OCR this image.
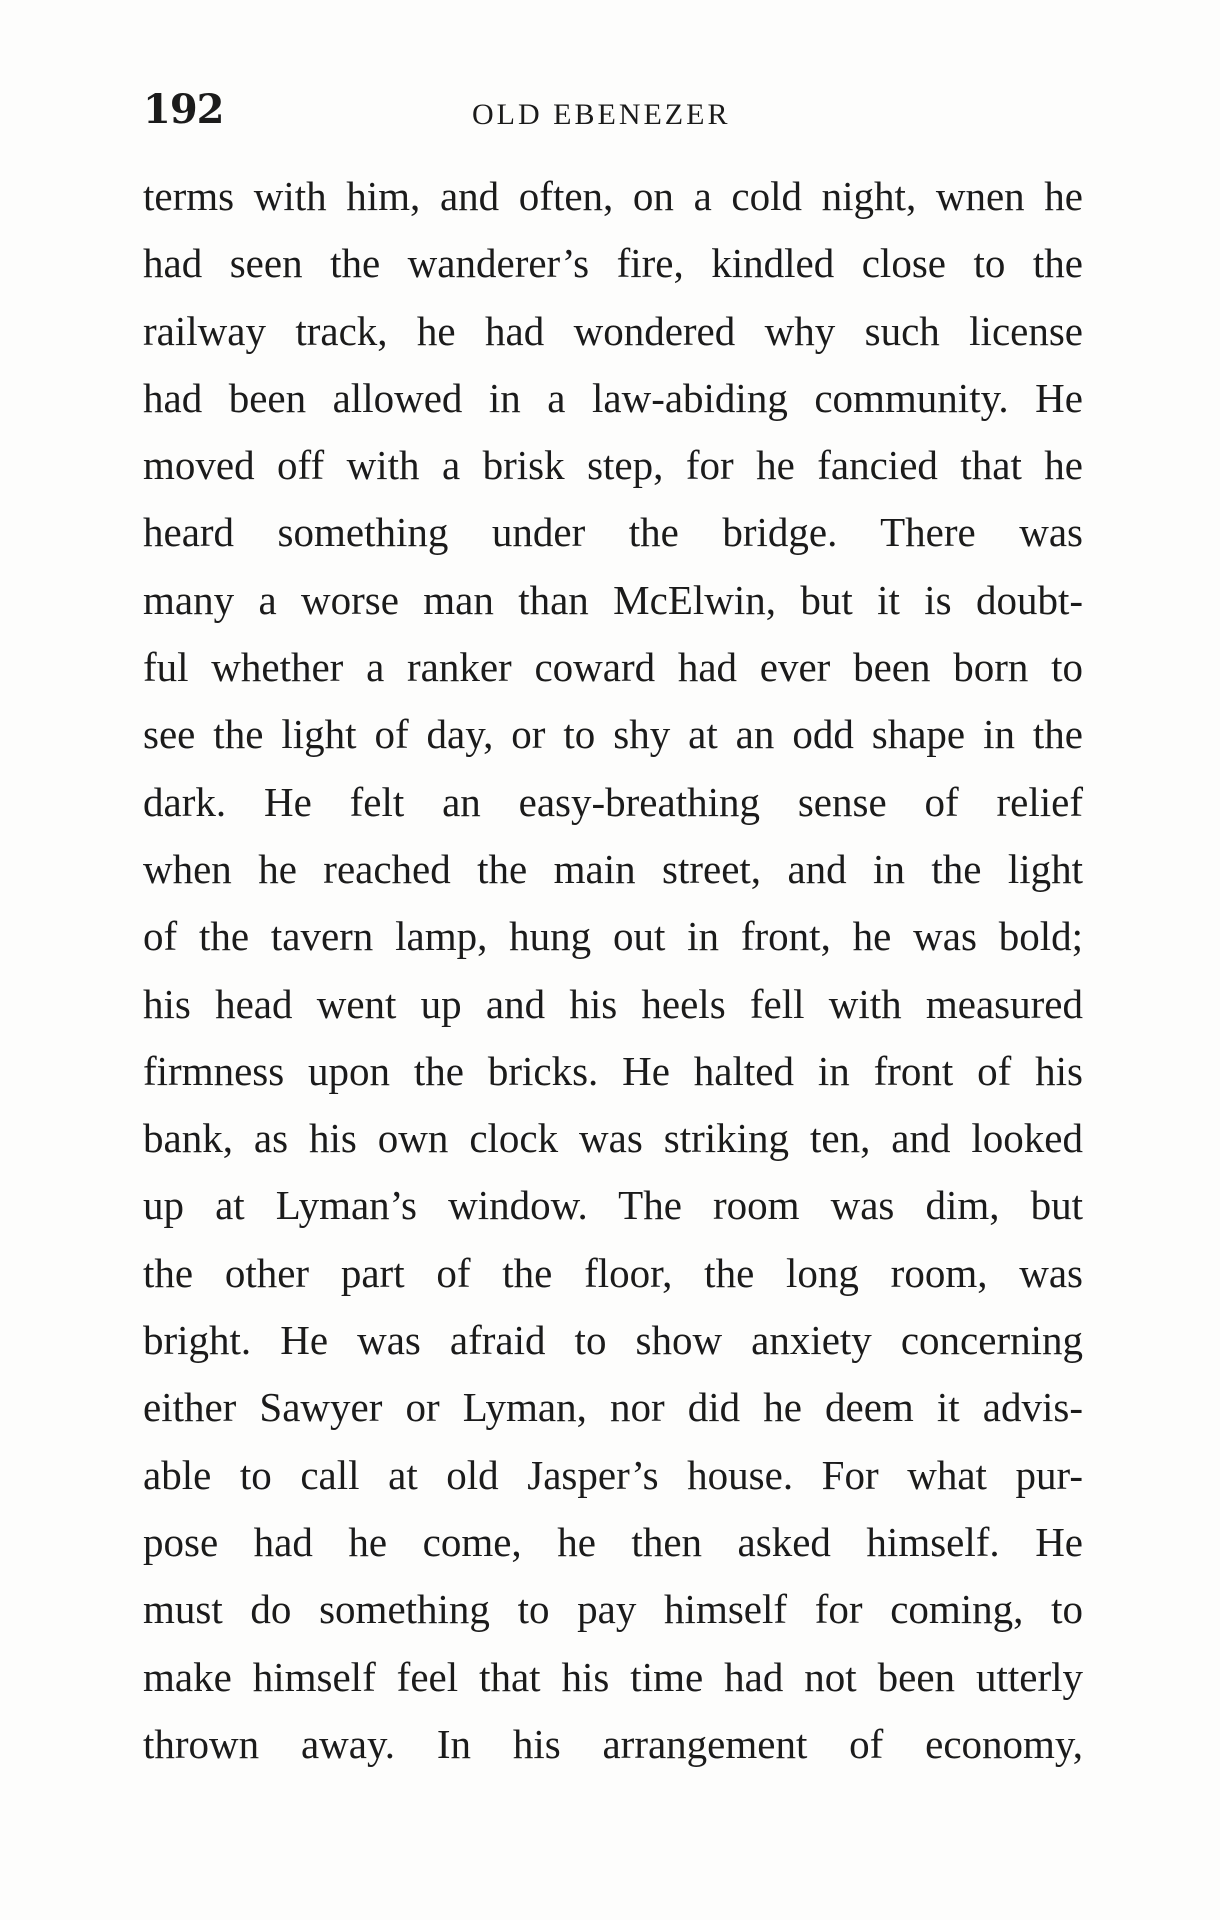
192	OLD EBENEZER
terms with him, and often, on a cold night, wnen he
had seen the wanderer’s fire, kindled close to the
railway track, he had wondered why such license
had been allowed in a law-abiding community. He
moved off with a brisk step, for he fancied that he
heard something under the bridge. There was
many a worse man than McElwin, but it is doubt-
ful whether a ranker coward had ever been born to
see the light of day, or to shy at an odd shape in the
dark. He felt an easy-breathing sense of relief
when he reached the main street, and in the light
of the tavern lamp, hung out in front, he was bold;
his head went up and his heels fell with measured
firmness upon the bricks. He halted in front of his
bank, as his own clock was striking ten, and looked
up at Lyman’s window. The room was dim, but
the other part of the floor, the long room, was
bright. He was afraid to show anxiety concerning
either Sawyer or Lyman, nor did he deem it advis-
able to call at old Jasper’s house. For what pur-
pose had he come, he then asked himself. He
must do something to pay himself for coming, to
make himself feel that his time had not been utterly
thrown away. In his arrangement of economy,
